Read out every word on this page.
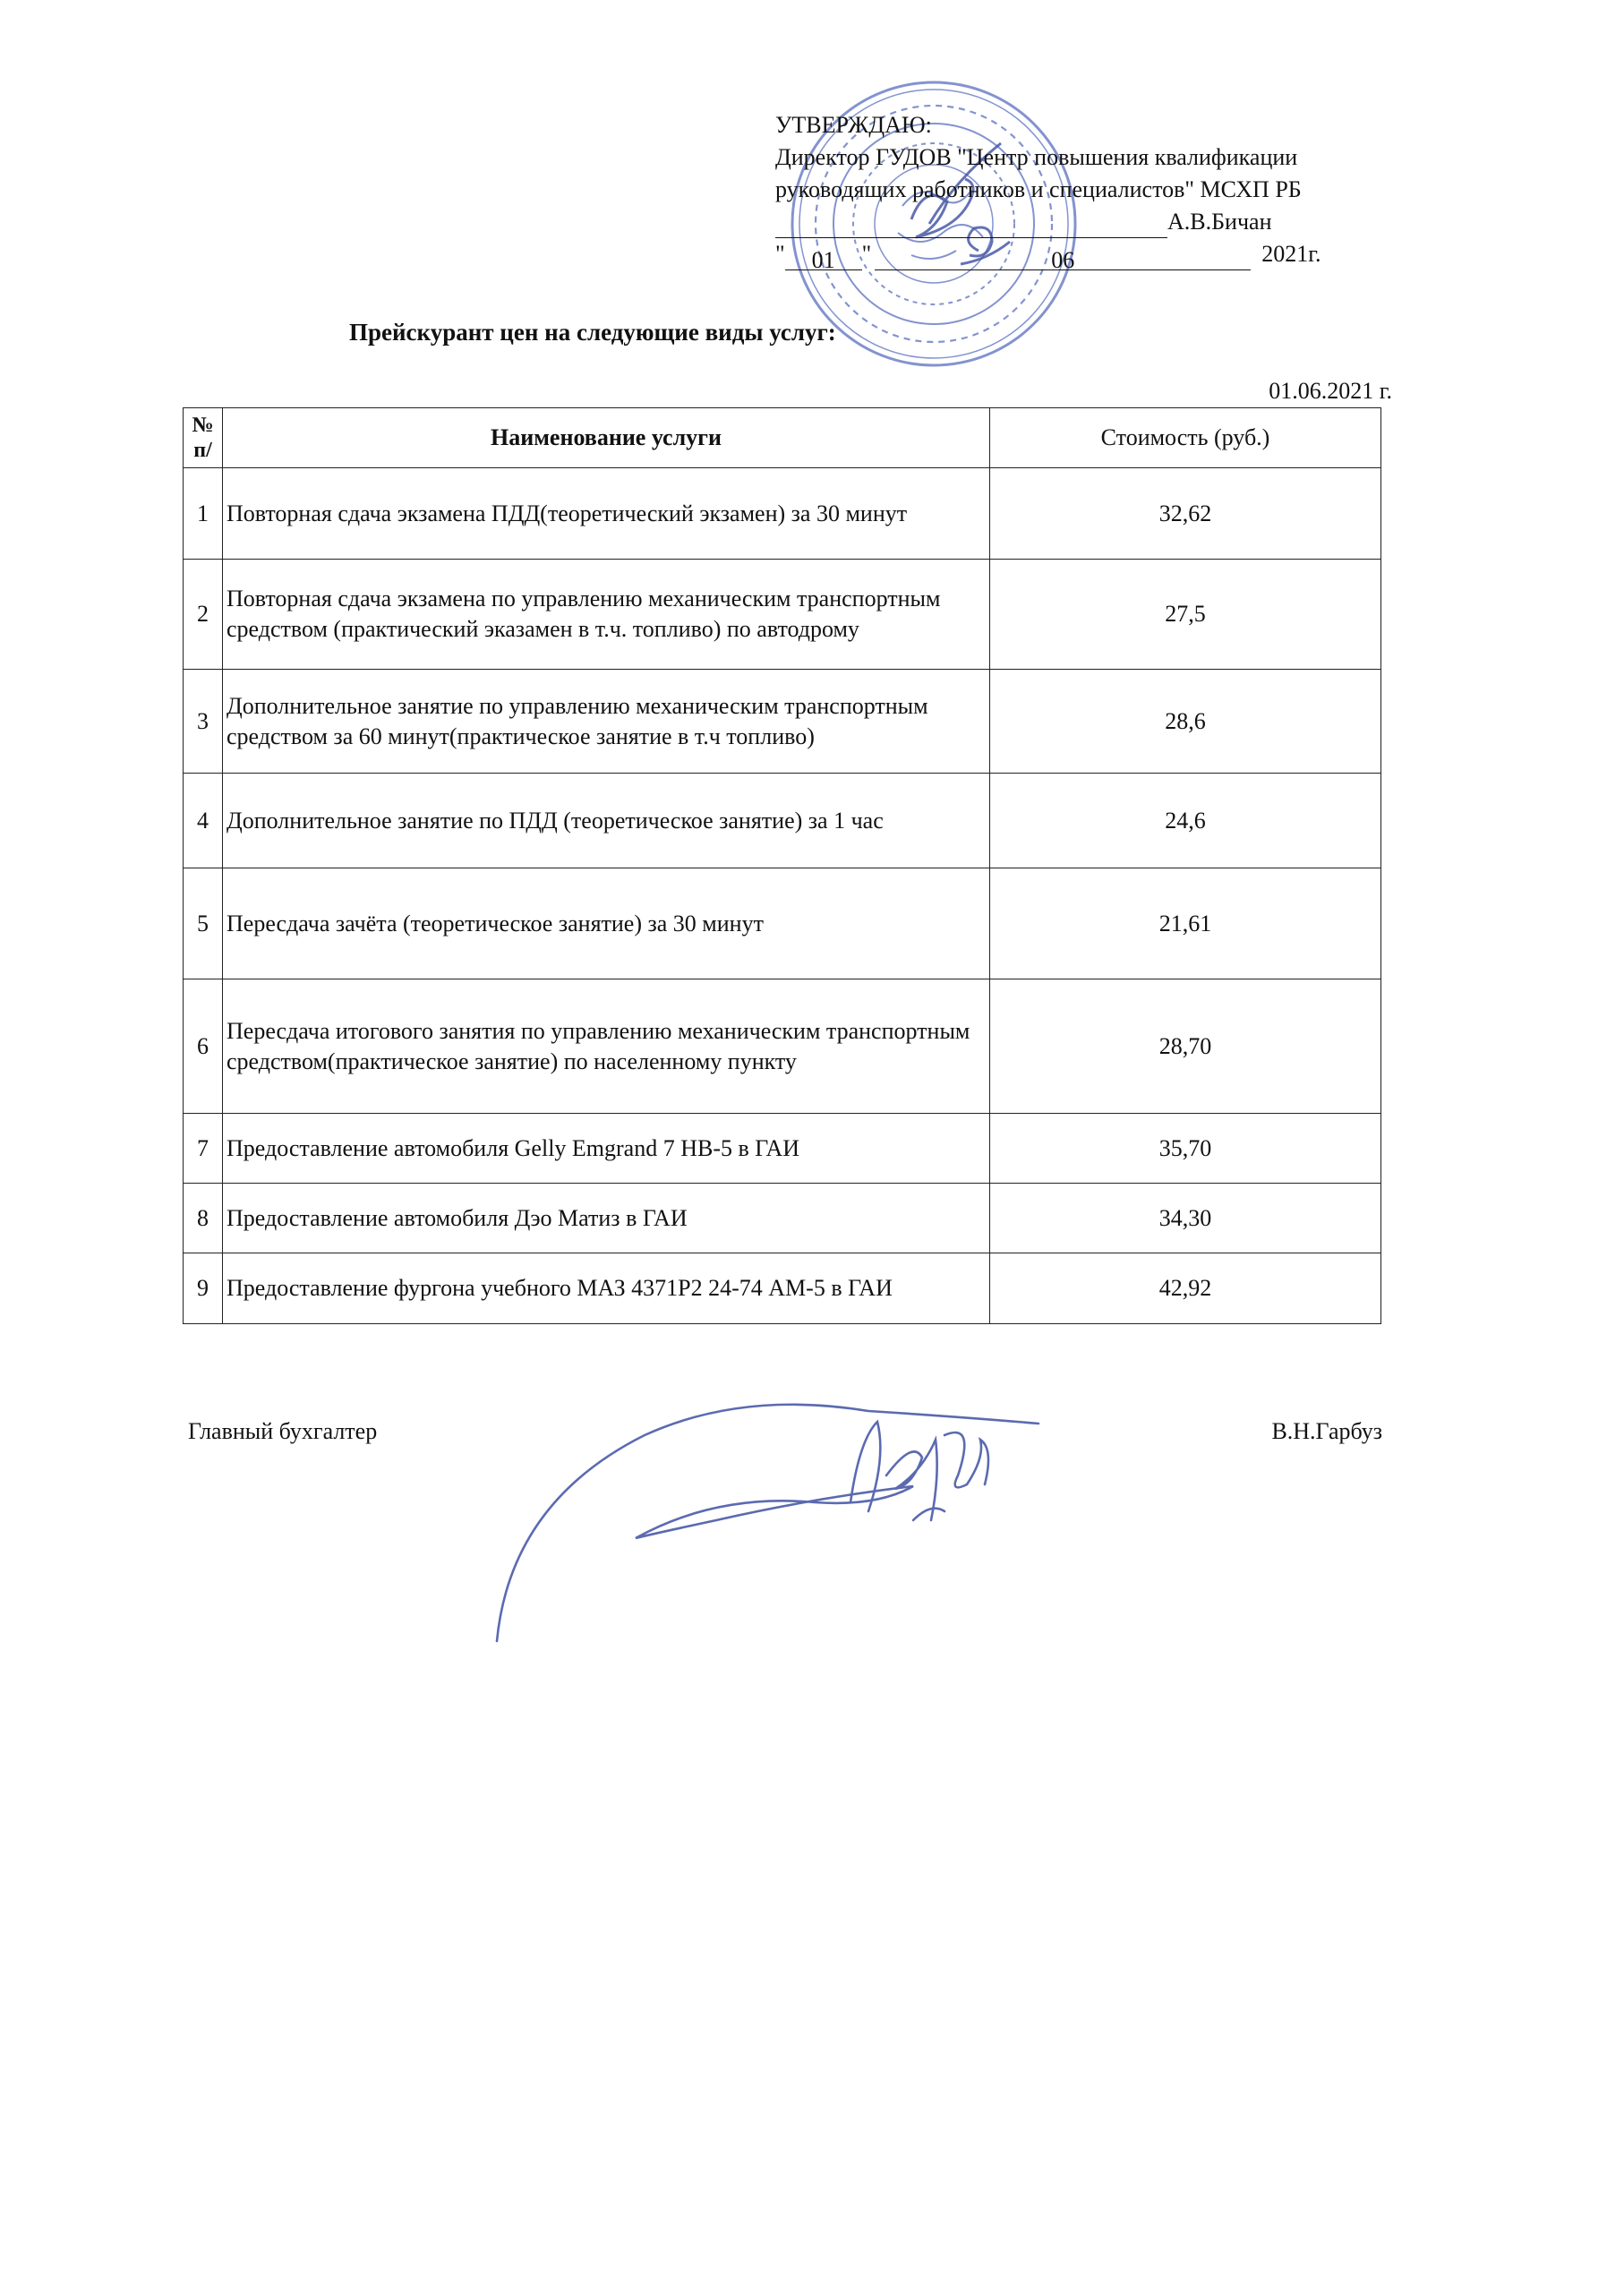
УТВЕРЖДАЮ:
Директор ГУДОВ "Центр повышения квалификации
руководящих работников и специалистов" МСХП РБ
А.В.Бичан
"	01	"	06	2021г.
Прейскурант цен на следующие виды услуг:
01.06.2021 г.
№ п/	Наименование услуги	Стоимость (руб.)
1	Повторная сдача экзамена ПДД(теоретический экзамен) за 30 минут	32,62
2	Повторная сдача экзамена по управлению механическим транспортным средством (практический эказамен в т.ч. топливо) по автодрому	27,5
3	Дополнительное занятие по управлению механическим транспортным средством за 60 минут(практическое занятие в т.ч топливо)	28,6
4	Дополнительное занятие по ПДД (теоретическое занятие) за 1 час	24,6
5	Пересдача зачёта (теоретическое занятие) за 30 минут	21,61
6	Пересдача итогового занятия по управлению механическим транспортным средством(практическое занятие) по населенному пункту	28,70
7	Предоставление автомобиля Gelly Emgrand 7 НВ-5 в ГАИ	35,70
8	Предоставление автомобиля Дэо Матиз в ГАИ	34,30
9	Предоставление фургона учебного МАЗ 4371Р2 24-74 АМ-5 в ГАИ	42,92
Главный бухгалтер	В.Н.Гарбуз
